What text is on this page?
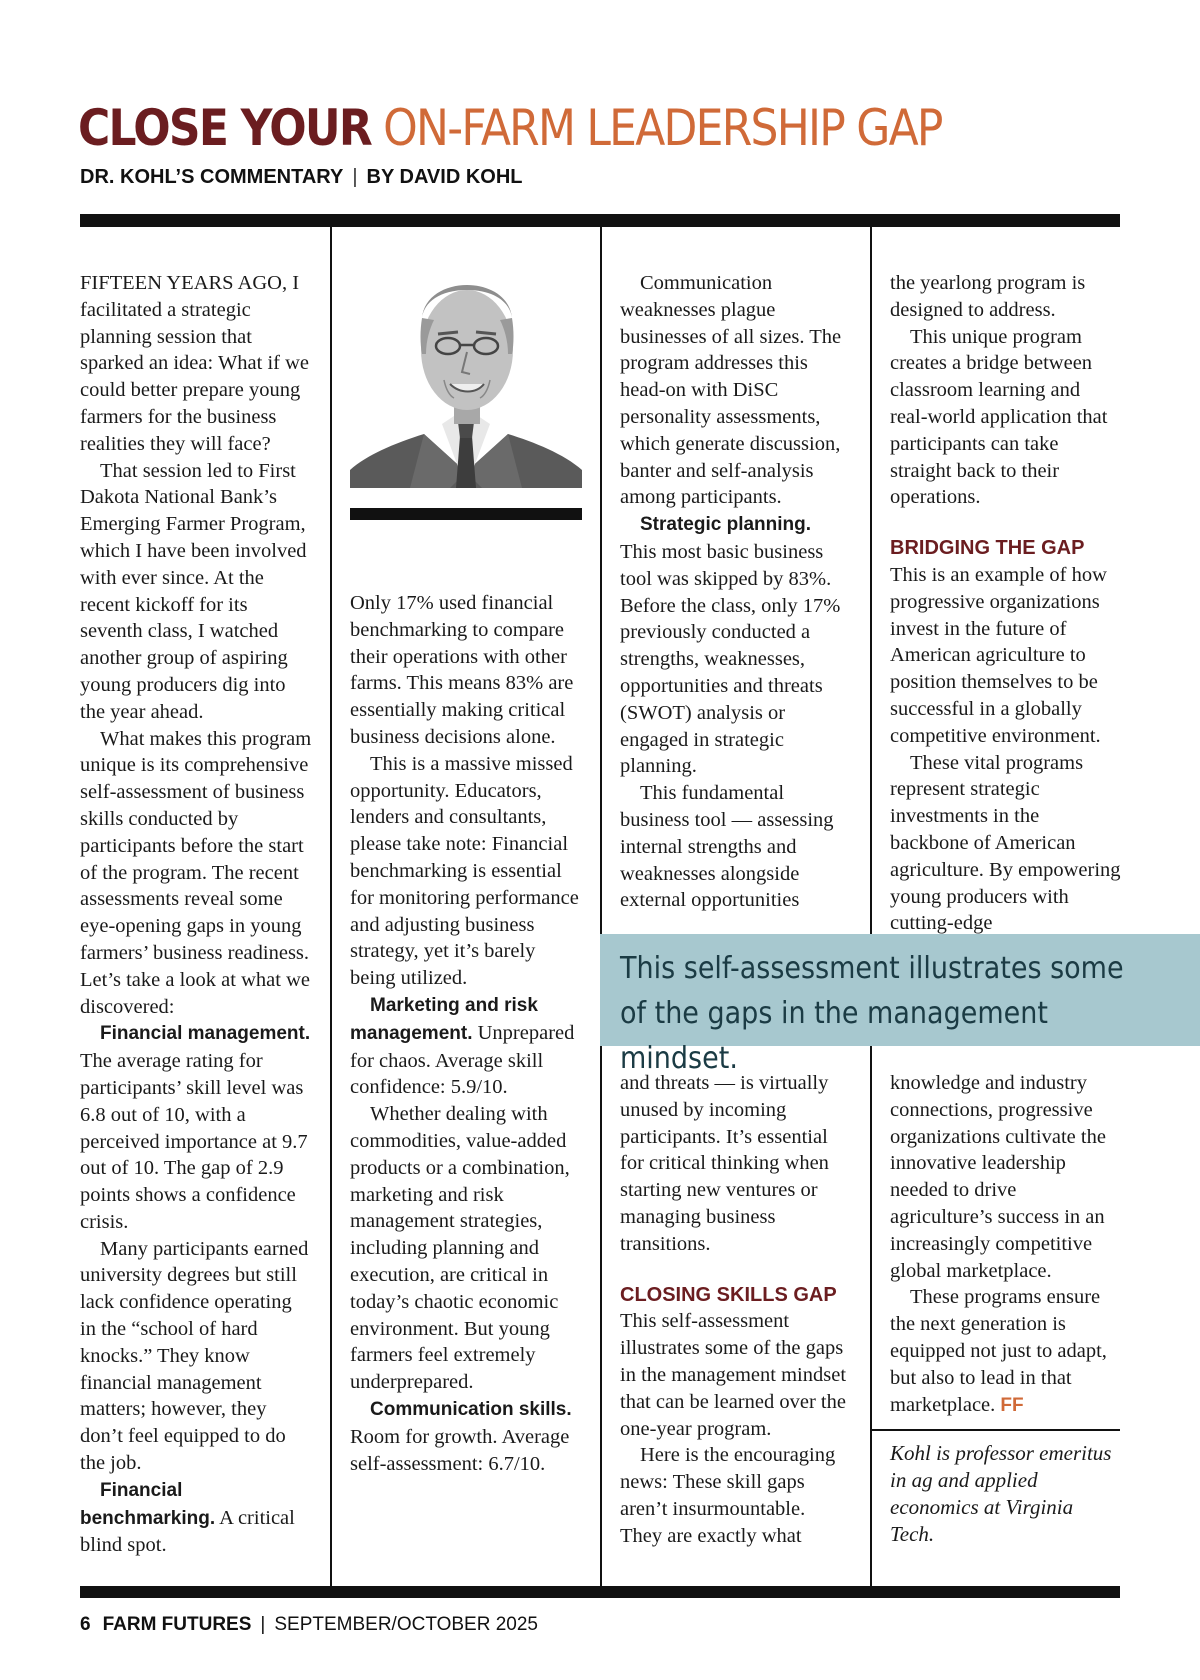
CLOSE YOUR ON-FARM LEADERSHIP GAP
DR. KOHL’S COMMENTARY | BY DAVID KOHL

FIFTEEN YEARS AGO, I facilitated a strategic planning session that sparked an idea: What if we could better prepare young farmers for the business realities they will face?

That session led to First Dakota National Bank’s Emerging Farmer Program, which I have been involved with ever since. At the recent kickoff for its seventh class, I watched another group of aspiring young producers dig into the year ahead.

What makes this program unique is its comprehensive self-assessment of business skills conducted by participants before the start of the program. The recent assessments reveal some eye-opening gaps in young farmers’ business readiness. Let’s take a look at what we discovered:

Financial management. The average rating for participants’ skill level was 6.8 out of 10, with a perceived importance at 9.7 out of 10. The gap of 2.9 points shows a confidence crisis.

Many participants earned university degrees but still lack confidence operating in the “school of hard knocks.” They know financial management matters; however, they don’t feel equipped to do the job.

Financial benchmarking. A critical blind spot.

Only 17% used financial benchmarking to compare their operations with other farms. This means 83% are essentially making critical business decisions alone.

This is a massive missed opportunity. Educators, lenders and consultants, please take note: Financial benchmarking is essential for monitoring performance and adjusting business strategy, yet it’s barely being utilized.

Marketing and risk management. Unprepared for chaos. Average skill confidence: 5.9/10.

Whether dealing with commodities, value-added products or a combination, marketing and risk management strategies, including planning and execution, are critical in today’s chaotic economic environment. But young farmers feel extremely underprepared.

Communication skills. Room for growth. Average self-assessment: 6.7/10.

Communication weaknesses plague businesses of all sizes. The program addresses this head-on with DiSC personality assessments, which generate discussion, banter and self-analysis among participants.

Strategic planning. This most basic business tool was skipped by 83%. Before the class, only 17% previously conducted a strengths, weaknesses, opportunities and threats (SWOT) analysis or engaged in strategic planning.

This fundamental business tool — assessing internal strengths and weaknesses alongside external opportunities

the yearlong program is designed to address.

This unique program creates a bridge between classroom learning and real-world application that participants can take straight back to their operations.

BRIDGING THE GAP

This is an example of how progressive organizations invest in the future of American agriculture to position themselves to be successful in a globally competitive environment.

These vital programs represent strategic investments in the backbone of American agriculture. By empowering young producers with cutting-edge

This self-assessment illustrates some of the gaps in the management mindset.

and threats — is virtually unused by incoming participants. It’s essential for critical thinking when starting new ventures or managing business transitions.

CLOSING SKILLS GAP

This self-assessment illustrates some of the gaps in the management mindset that can be learned over the one-year program.

Here is the encouraging news: These skill gaps aren’t insurmountable. They are exactly what

knowledge and industry connections, progressive organizations cultivate the innovative leadership needed to drive agriculture’s success in an increasingly competitive global marketplace.

These programs ensure the next generation is equipped not just to adapt, but also to lead in that marketplace. FF

Kohl is professor emeritus in ag and applied economics at Virginia Tech.
6 FARM FUTURES | SEPTEMBER/OCTOBER 2025
